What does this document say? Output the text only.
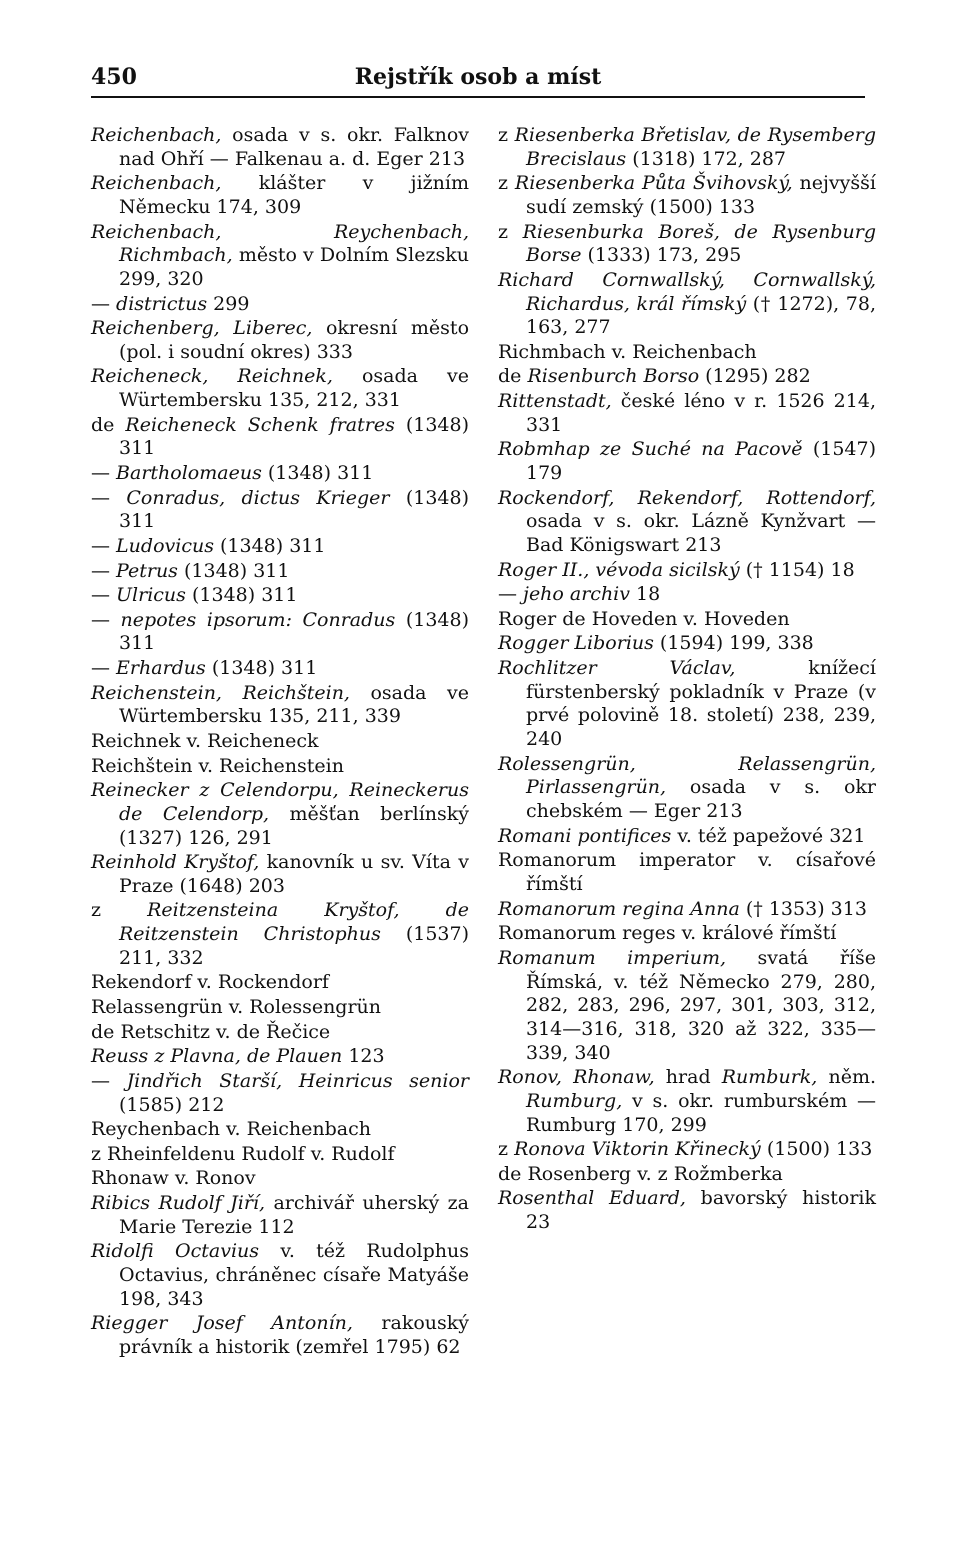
450	Rejstřík osob a míst

Reichenbach, osada v s. okr. Falknov nad Ohří — Falkenau a. d. Eger 213

Reichenbach, klášter v jižním Německu 174, 309

Reichenbach, Reychenbach, Richmbach, město v Dolním Slezsku 299, 320

— districtus 299

Reichenberg, Liberec, okresní město (pol. i soudní okres) 333

Reicheneck, Reichnek, osada ve Würtembersku 135, 212, 331

de Reicheneck Schenk fratres (1348) 311

— Bartholomaeus (1348) 311

— Conradus, dictus Krieger (1348) 311

— Ludovicus (1348) 311

— Petrus (1348) 311

— Ulricus (1348) 311

— nepotes ipsorum: Conradus (1348) 311

— Erhardus (1348) 311

Reichenstein, Reichštein, osada ve Würtembersku 135, 211, 339

Reichnek v. Reicheneck

Reichštein v. Reichenstein

Reinecker z Celendorpu, Reineckerus de Celendorp, měšťan berlínský (1327) 126, 291

Reinhold Kryštof, kanovník u sv. Víta v Praze (1648) 203

z Reitzensteina Kryštof, de Reitzenstein Christophus (1537) 211, 332

Rekendorf v. Rockendorf

Relassengrün v. Rolessengrün

de Retschitz v. de Řečice

Reuss z Plavna, de Plauen 123

— Jindřich Starší, Heinricus senior (1585) 212

Reychenbach v. Reichenbach

z Rheinfeldenu Rudolf v. Rudolf

Rhonaw v. Ronov

Ribics Rudolf Jiří, archivář uherský za Marie Terezie 112

Ridolfi Octavius v. též Rudolphus Octavius, chráněnec císaře Matyáše 198, 343

Riegger Josef Antonín, rakouský právník a historik (zemřel 1795) 62

z Riesenberka Břetislav, de Rysemberg Brecislaus (1318) 172, 287

z Riesenberka Půta Švihovský, nejvyšší sudí zemský (1500) 133

z Riesenburka Boreš, de Rysenburg Borse (1333) 173, 295

Richard Cornwallský, Cornwallský, Richardus, král římský († 1272), 78, 163, 277

Richmbach v. Reichenbach

de Risenburch Borso (1295) 282

Rittenstadt, české léno v r. 1526 214, 331

Robmhap ze Suché na Pacově (1547) 179

Rockendorf, Rekendorf, Rottendorf, osada v s. okr. Lázně Kynžvart — Bad Königswart 213

Roger II., vévoda sicilský († 1154) 18

— jeho archiv 18

Roger de Hoveden v. Hoveden

Rogger Liborius (1594) 199, 338

Rochlitzer Václav, knížecí fürstenberský pokladník v Praze (v prvé polovině 18. století) 238, 239, 240

Rolessengrün, Relassengrün, Pirlassengrün, osada v s. okr chebském — Eger 213

Romani pontifices v. též papežové 321

Romanorum imperator v. císařové římští

Romanorum regina Anna († 1353) 313

Romanorum reges v. králové římští

Romanum imperium, svatá říše Římská, v. též Německo 279, 280, 282, 283, 296, 297, 301, 303, 312, 314—316, 318, 320 až 322, 335—339, 340

Ronov, Rhonaw, hrad Rumburk, něm. Rumburg, v s. okr. rumburském — Rumburg 170, 299

z Ronova Viktorin Křinecký (1500) 133

de Rosenberg v. z Rožmberka

Rosenthal Eduard, bavorský historik 23
